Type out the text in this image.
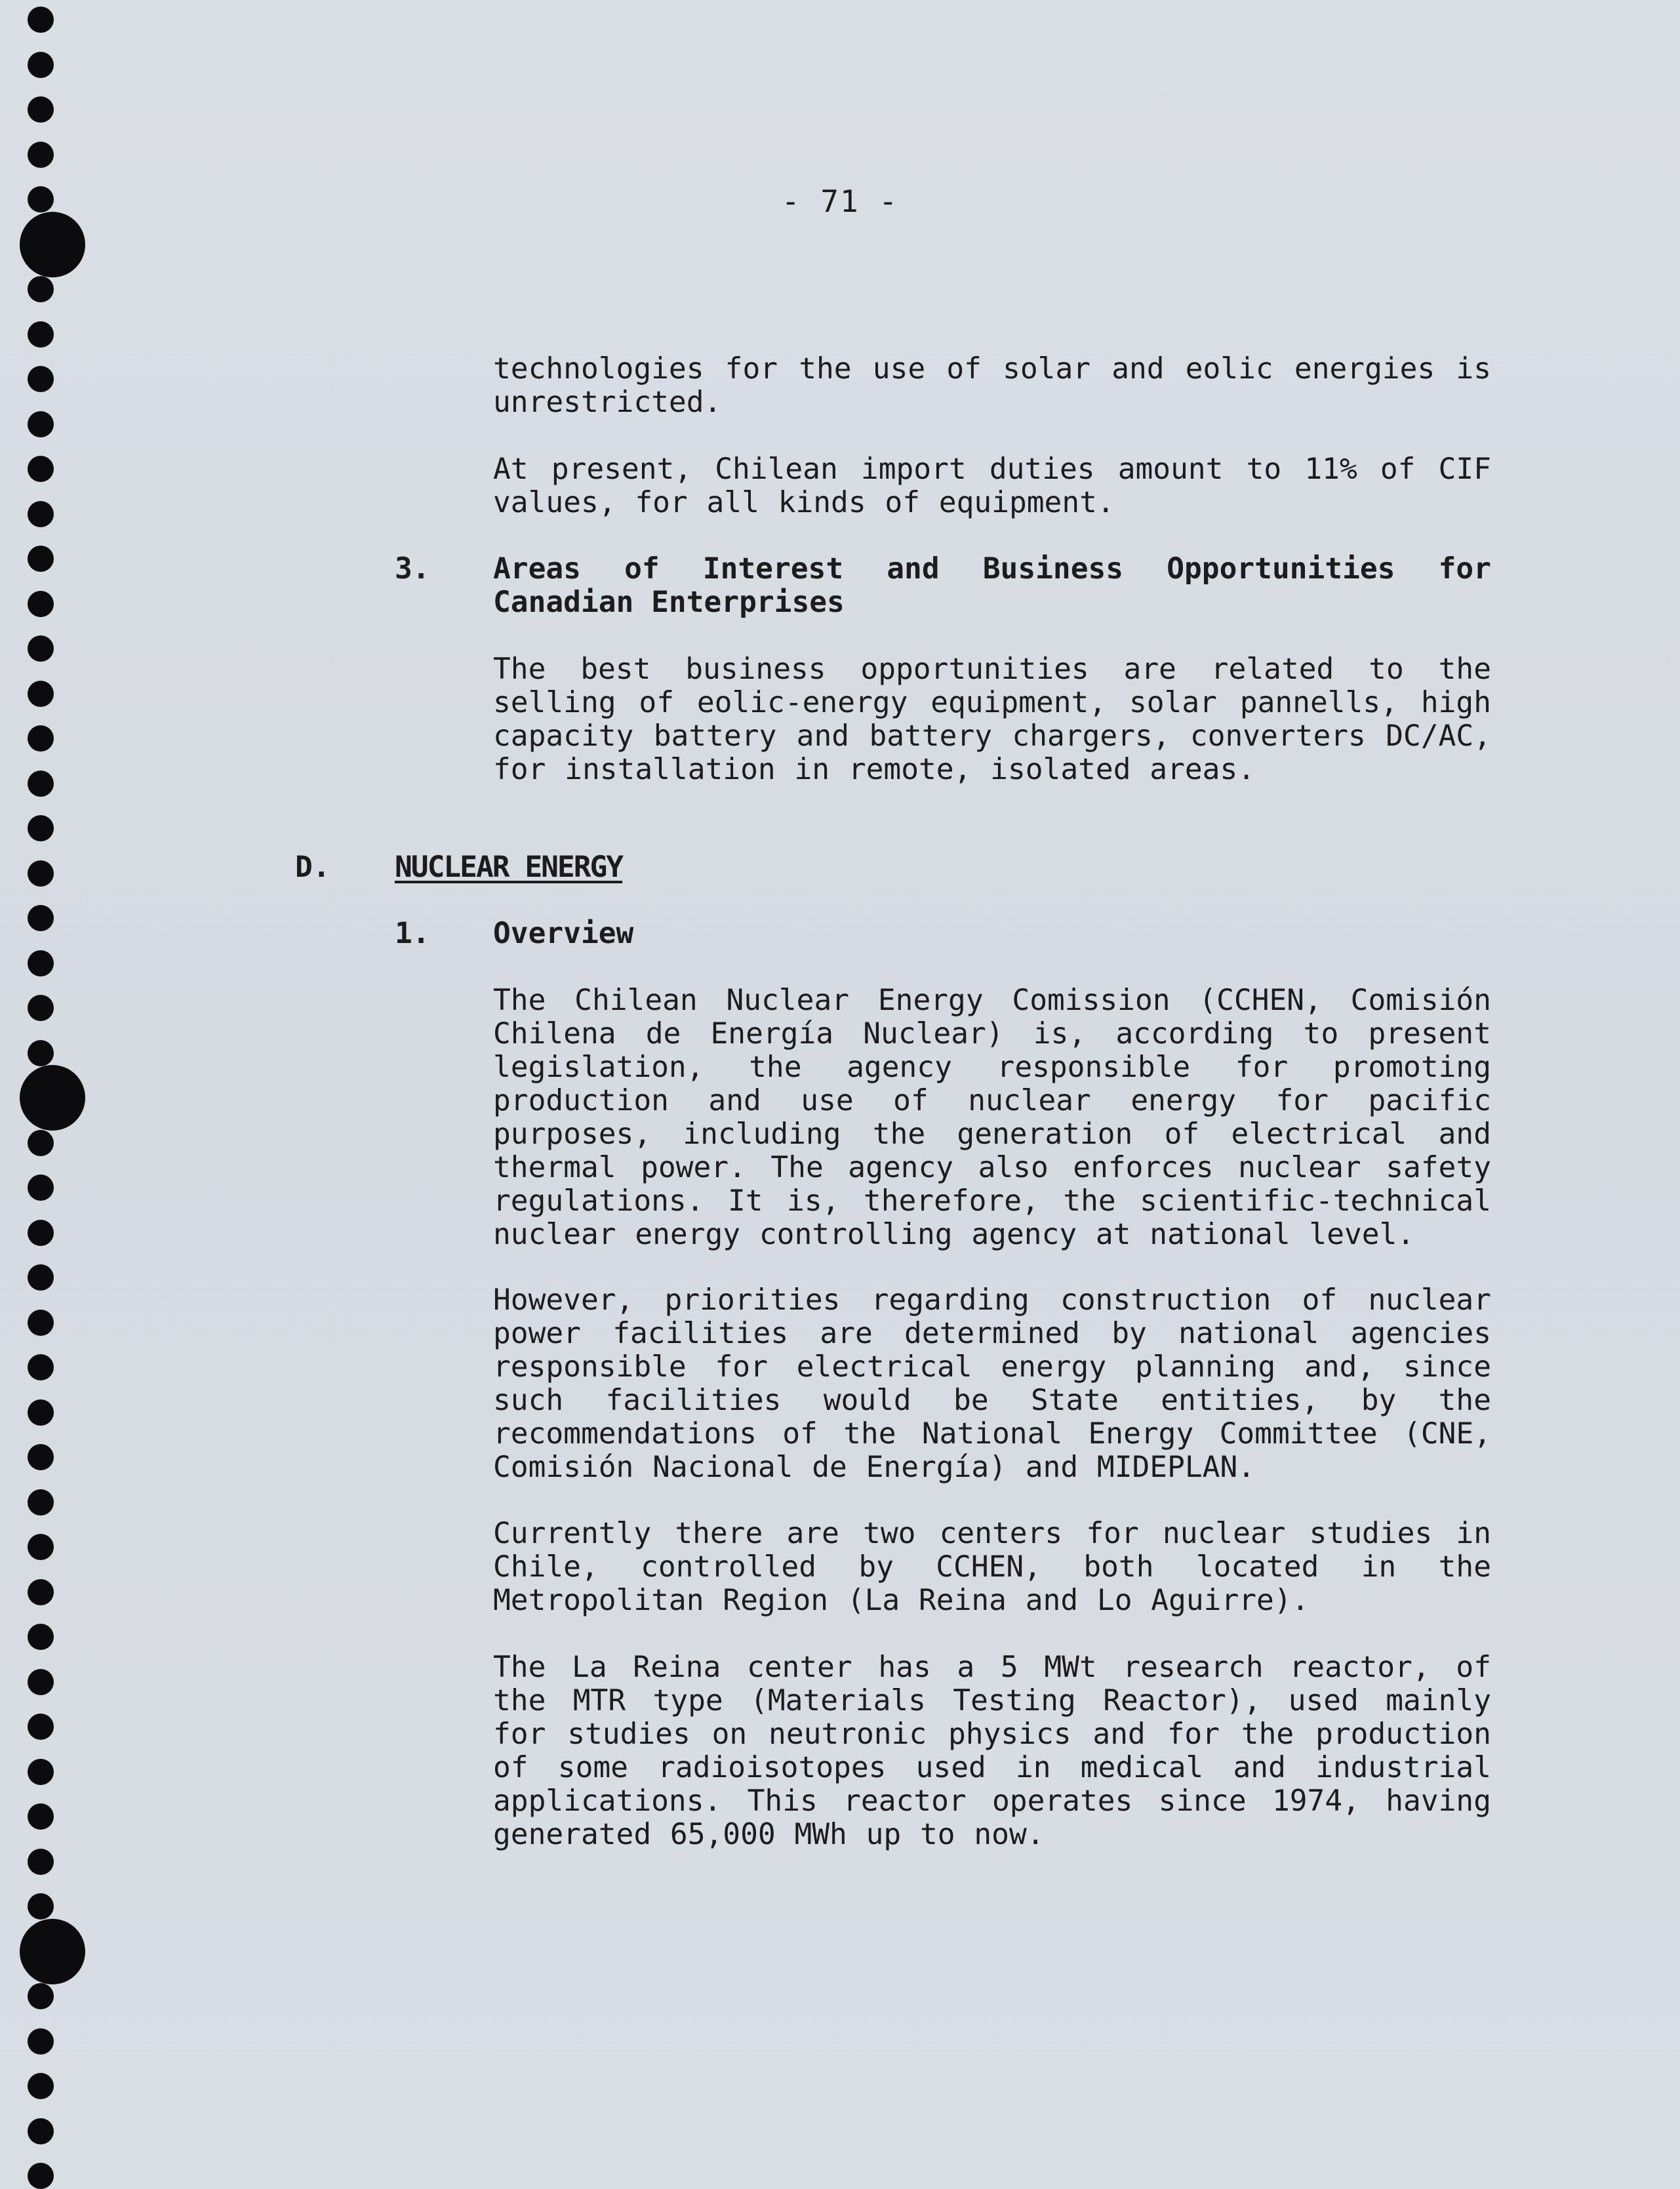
- 71 -

technologies for the use of solar and eolic energies is unrestricted.

At present, Chilean import duties amount to 11% of CIF values, for all kinds of equipment.

3. Areas of Interest and Business Opportunities for Canadian Enterprises

The best business opportunities are related to the selling of eolic-energy equipment, solar pannells, high capacity battery and battery chargers, converters DC/AC, for installation in remote, isolated areas.

D. NUCLEAR ENERGY
1. Overview

The Chilean Nuclear Energy Comission (CCHEN, Comisión Chilena de Energía Nuclear) is, according to present legislation, the agency responsible for promoting production and use of nuclear energy for pacific purposes, including the generation of electrical and thermal power. The agency also enforces nuclear safety regulations. It is, therefore, the scientific-technical nuclear energy controlling agency at national level.

However, priorities regarding construction of nuclear power facilities are determined by national agencies responsible for electrical energy planning and, since such facilities would be State entities, by the recommendations of the National Energy Committee (CNE, Comisión Nacional de Energía) and MIDEPLAN.

Currently there are two centers for nuclear studies in Chile, controlled by CCHEN, both located in the Metropolitan Region (La Reina and Lo Aguirre).

The La Reina center has a 5 MWt research reactor, of the MTR type (Materials Testing Reactor), used mainly for studies on neutronic physics and for the production of some radioisotopes used in medical and industrial applications. This reactor operates since 1974, having generated 65,000 MWh up to now.
